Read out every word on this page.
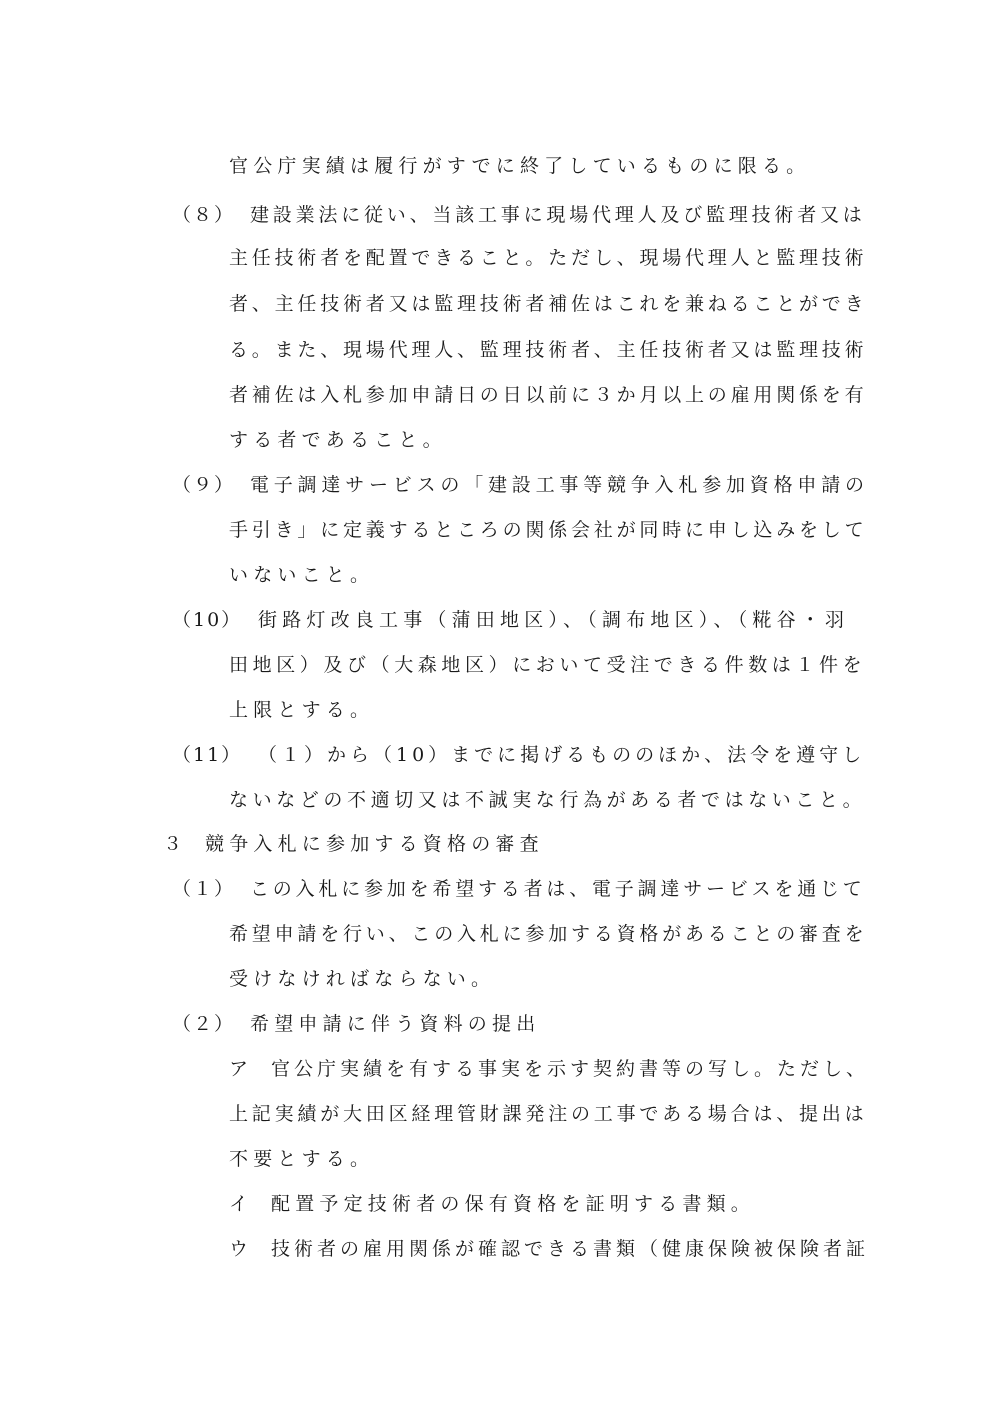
官公庁実績は履行がすでに終了しているものに限る。
（８） 建設業法に従い、当該工事に現場代理人及び監理技術者又は
主任技術者を配置できること。ただし、現場代理人と監理技術
者、主任技術者又は監理技術者補佐はこれを兼ねることができ
る。また、現場代理人、監理技術者、主任技術者又は監理技術
者補佐は入札参加申請日の日以前に３か月以上の雇用関係を有
する者であること。
（９） 電子調達サービスの「建設工事等競争入札参加資格申請の
手引き」に定義するところの関係会社が同時に申し込みをして
いないこと。
（10） 街路灯改良工事（蒲田地区）、（調布地区）、（糀谷・羽
田地区）及び（大森地区）において受注できる件数は１件を
上限とする。
（11） （１）から（10）までに掲げるもののほか、法令を遵守し
ないなどの不適切又は不誠実な行為がある者ではないこと。
３ 競争入札に参加する資格の審査
（１） この入札に参加を希望する者は、電子調達サービスを通じて
希望申請を行い、この入札に参加する資格があることの審査を
受けなければならない。
（２） 希望申請に伴う資料の提出
ア 官公庁実績を有する事実を示す契約書等の写し。ただし、
上記実績が大田区経理管財課発注の工事である場合は、提出は
不要とする。
イ 配置予定技術者の保有資格を証明する書類。
ウ 技術者の雇用関係が確認できる書類（健康保険被保険者証
